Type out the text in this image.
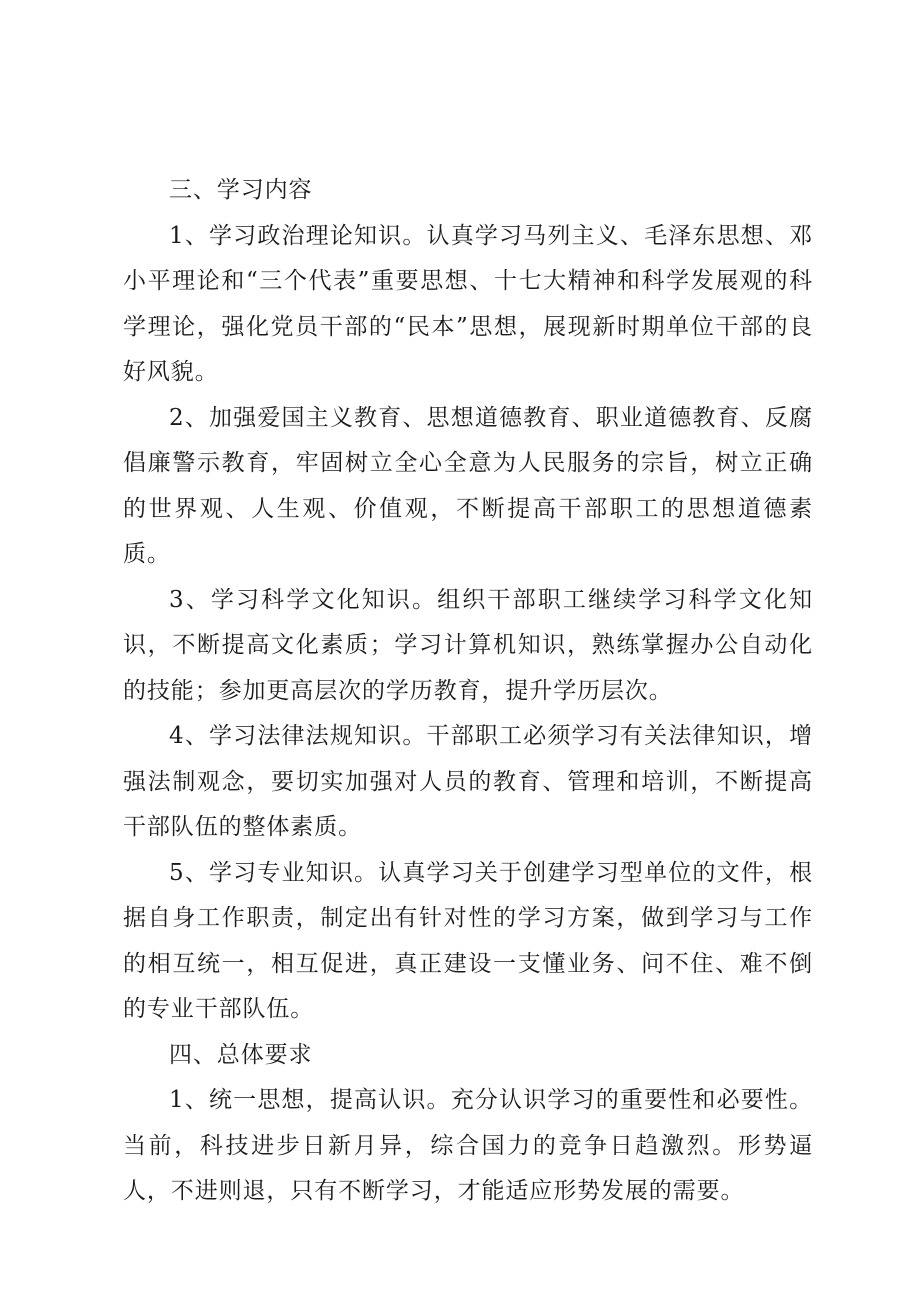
三、学习内容

1、学习政治理论知识。认真学习马列主义、毛泽东思想、邓小平理论和“三个代表”重要思想、十七大精神和科学发展观的科学理论，强化党员干部的“民本”思想，展现新时期单位干部的良好风貌。

2、加强爱国主义教育、思想道德教育、职业道德教育、反腐倡廉警示教育，牢固树立全心全意为人民服务的宗旨，树立正确的世界观、人生观、价值观，不断提高干部职工的思想道德素质。

3、学习科学文化知识。组织干部职工继续学习科学文化知识，不断提高文化素质；学习计算机知识，熟练掌握办公自动化的技能；参加更高层次的学历教育，提升学历层次。

4、学习法律法规知识。干部职工必须学习有关法律知识，增强法制观念，要切实加强对人员的教育、管理和培训，不断提高干部队伍的整体素质。

5、学习专业知识。认真学习关于创建学习型单位的文件，根据自身工作职责，制定出有针对性的学习方案，做到学习与工作的相互统一，相互促进，真正建设一支懂业务、问不住、难不倒的专业干部队伍。

四、总体要求

1、统一思想，提高认识。充分认识学习的重要性和必要性。当前，科技进步日新月异，综合国力的竞争日趋激烈。形势逼人，不进则退，只有不断学习，才能适应形势发展的需要。
